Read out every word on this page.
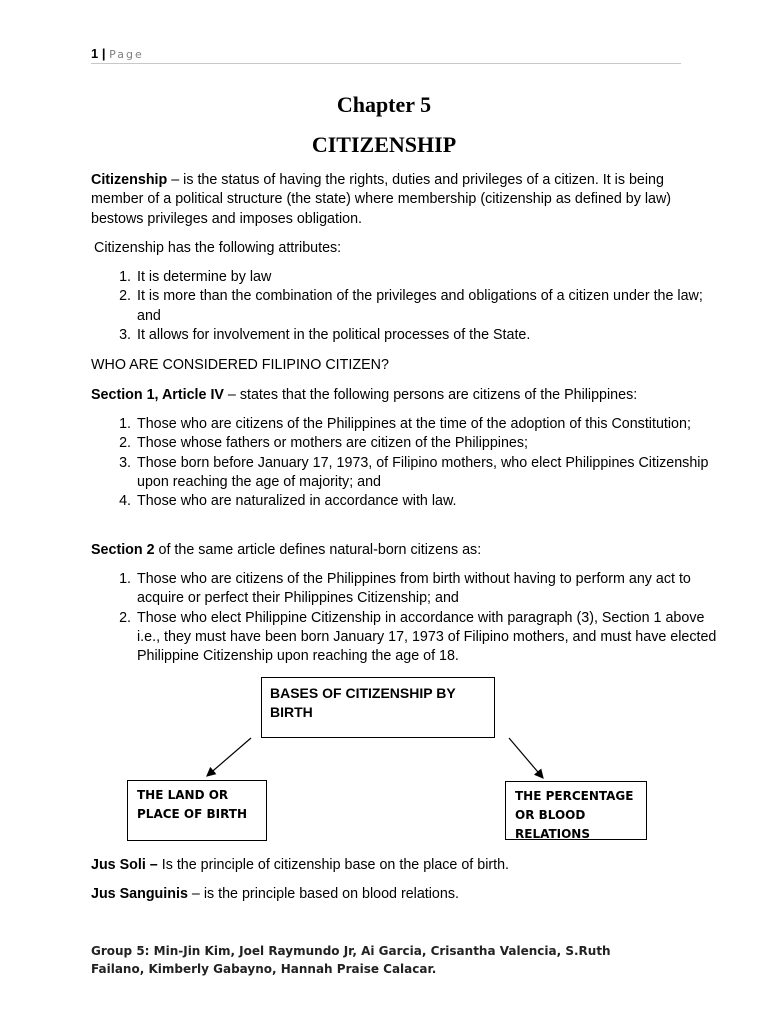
1 | Page
Chapter 5
CITIZENSHIP

Citizenship – is the status of having the rights, duties and privileges of a citizen. It is being member of a political structure (the state) where membership (citizenship as defined by law) bestows privileges and imposes obligation.

Citizenship has the following attributes:

1. It is determine by law
2. It is more than the combination of the privileges and obligations of a citizen under the law; and
3. It allows for involvement in the political processes of the State.

WHO ARE CONSIDERED FILIPINO CITIZEN?

Section 1, Article IV – states that the following persons are citizens of the Philippines:

1. Those who are citizens of the Philippines at the time of the adoption of this Constitution;
2. Those whose fathers or mothers are citizen of the Philippines;
3. Those born before January 17, 1973, of Filipino mothers, who elect Philippines Citizenship upon reaching the age of majority; and
4. Those who are naturalized in accordance with law.

Section 2 of the same article defines natural-born citizens as:

1. Those who are citizens of the Philippines from birth without having to perform any act to acquire or perfect their Philippines Citizenship; and
2. Those who elect Philippine Citizenship in accordance with paragraph (3), Section 1 above i.e., they must have been born January 17, 1973 of Filipino mothers, and must have elected Philippine Citizenship upon reaching the age of 18.
BASES OF CITIZENSHIP BY BIRTH
THE LAND OR PLACE OF BIRTH
THE PERCENTAGE OR BLOOD RELATIONS

Jus Soli – Is the principle of citizenship base on the place of birth.

Jus Sanguinis – is the principle based on blood relations.

Group 5: Min-Jin Kim, Joel Raymundo Jr, Ai Garcia, Crisantha Valencia, S.Ruth Failano, Kimberly Gabayno, Hannah Praise Calacar.
